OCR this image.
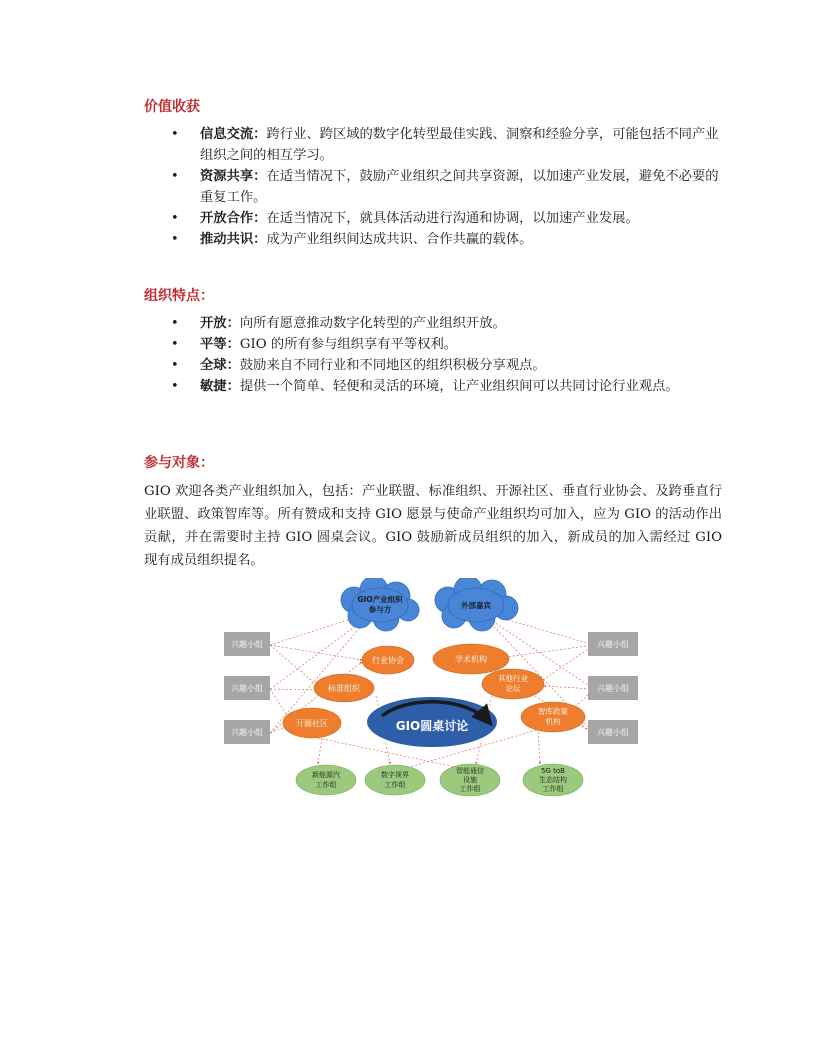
价值收获
• 信息交流：跨行业、跨区域的数字化转型最佳实践、洞察和经验分享，可能包括不同产业组织之间的相互学习。
• 资源共享：在适当情况下，鼓励产业组织之间共享资源，以加速产业发展，避免不必要的重复工作。
• 开放合作：在适当情况下，就具体活动进行沟通和协调，以加速产业发展。
• 推动共识：成为产业组织间达成共识、合作共赢的载体。
组织特点：
• 开放：向所有愿意推动数字化转型的产业组织开放。
• 平等：GIO 的所有参与组织享有平等权利。
• 全球：鼓励来自不同行业和不同地区的组织积极分享观点。
• 敏捷：提供一个简单、轻便和灵活的环境，让产业组织间可以共同讨论行业观点。
参与对象：
GIO 欢迎各类产业组织加入，包括：产业联盟、标准组织、开源社区、垂直行业协会、及跨垂直行业联盟、政策智库等。所有赞成和支持 GIO 愿景与使命产业组织均可加入，应为 GIO 的活动作出贡献，并在需要时主持 GIO 圆桌会议。GIO 鼓励新成员组织的加入，新成员的加入需经过 GIO 现有成员组织提名。
GIO产业组织
参与方	外部嘉宾
兴趣小组
兴趣小组
兴趣小组
兴趣小组
兴趣小组
兴趣小组
行业协会	学术机构
标准组织
其他行业
论坛
开源社区
智库政策
机构
GIO圆桌讨论
新能源汽
工作组
数字视界
工作组
智能通信
设施
工作组
5G toB
生态结构
工作组
